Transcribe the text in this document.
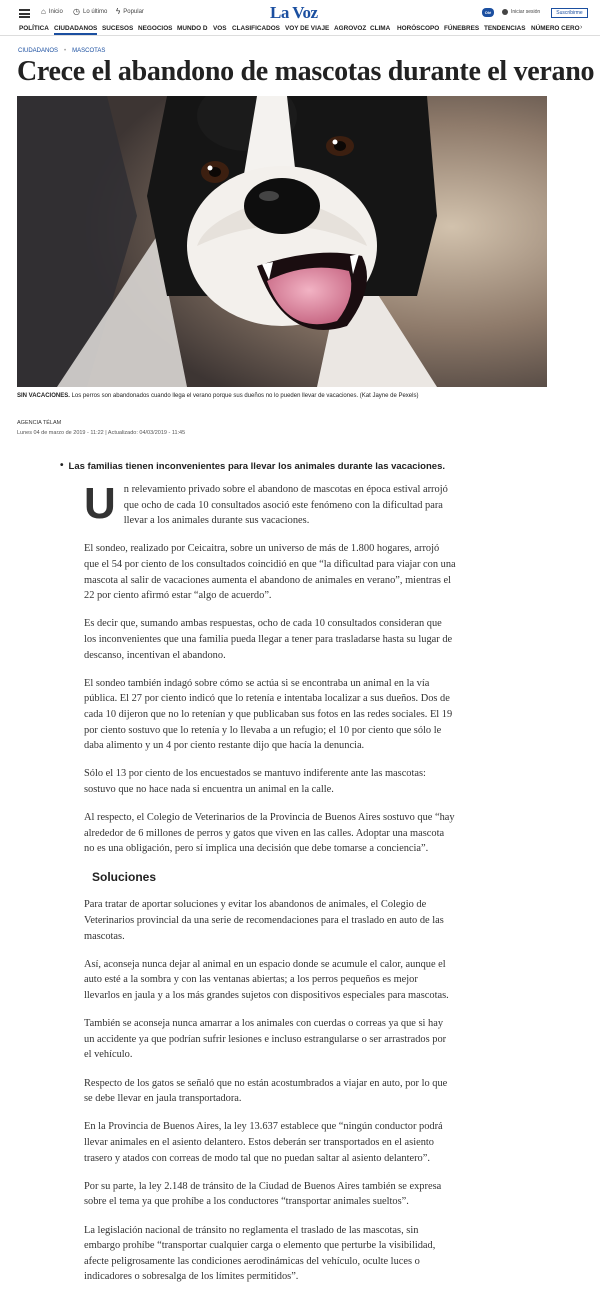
⌂ Inicio ◷ Lo último ϟ Popular	La Voz	Olé	Iniciar sesión	Suscribirme
POLÍTICA CIUDADANOS SUCESOS NEGOCIOS MUNDO D VOS CLASIFICADOS VOY DE VIAJE AGROVOZ CLIMA HORÓSCOPO FÚNEBRES TENDENCIAS NÚMERO CERO ›
CIUDADANOS • MASCOTAS
Crece el abandono de mascotas durante el verano

SIN VACACIONES. Los perros son abandonados cuando llega el verano porque sus dueños no lo pueden llevar de vacaciones. (Kat Jayne de Pexels)

AGENCIA TÉLAM
Lunes 04 de marzo de 2019 - 11:22 | Actualizado: 04/03/2019 - 11:45
• Las familias tienen inconvenientes para llevar los animales durante las vacaciones.

Un relevamiento privado sobre el abandono de mascotas en época estival arrojó que ocho de cada 10 consultados asoció este fenómeno con la dificultad para llevar a los animales durante sus vacaciones.

El sondeo, realizado por Ceicaitra, sobre un universo de más de 1.800 hogares, arrojó que el 54 por ciento de los consultados coincidió en que “la dificultad para viajar con una mascota al salir de vacaciones aumenta el abandono de animales en verano”, mientras el 22 por ciento afirmó estar “algo de acuerdo”.

Es decir que, sumando ambas respuestas, ocho de cada 10 consultados consideran que los inconvenientes que una familia pueda llegar a tener para trasladarse hasta su lugar de descanso, incentivan el abandono.

El sondeo también indagó sobre cómo se actúa si se encontraba un animal en la vía pública. El 27 por ciento indicó que lo retenía e intentaba localizar a sus dueños. Dos de cada 10 dijeron que no lo retenían y que publicaban sus fotos en las redes sociales. El 19 por ciento sostuvo que lo retenía y lo llevaba a un refugio; el 10 por ciento que sólo le daba alimento y un 4 por ciento restante dijo que hacía la denuncia.

Sólo el 13 por ciento de los encuestados se mantuvo indiferente ante las mascotas: sostuvo que no hace nada si encuentra un animal en la calle.

Al respecto, el Colegio de Veterinarios de la Provincia de Buenos Aires sostuvo que “hay alrededor de 6 millones de perros y gatos que viven en las calles. Adoptar una mascota no es una obligación, pero sí implica una decisión que debe tomarse a conciencia”.

Soluciones

Para tratar de aportar soluciones y evitar los abandonos de animales, el Colegio de Veterinarios provincial da una serie de recomendaciones para el traslado en auto de las mascotas.

Así, aconseja nunca dejar al animal en un espacio donde se acumule el calor, aunque el auto esté a la sombra y con las ventanas abiertas; a los perros pequeños es mejor llevarlos en jaula y a los más grandes sujetos con dispositivos especiales para mascotas.

También se aconseja nunca amarrar a los animales con cuerdas o correas ya que si hay un accidente ya que podrían sufrir lesiones e incluso estrangularse o ser arrastrados por el vehículo.

Respecto de los gatos se señaló que no están acostumbrados a viajar en auto, por lo que se debe llevar en jaula transportadora.

En la Provincia de Buenos Aires, la ley 13.637 establece que “ningún conductor podrá llevar animales en el asiento delantero. Estos deberán ser transportados en el asiento trasero y atados con correas de modo tal que no puedan saltar al asiento delantero”.

Por su parte, la ley 2.148 de tránsito de la Ciudad de Buenos Aires también se expresa sobre el tema ya que prohíbe a los conductores “transportar animales sueltos”.

La legislación nacional de tránsito no reglamenta el traslado de las mascotas, sin embargo prohíbe “transportar cualquier carga o elemento que perturbe la visibilidad, afecte peligrosamente las condiciones aerodinámicas del vehículo, oculte luces o indicadores o sobresalga de los límites permitidos”.
